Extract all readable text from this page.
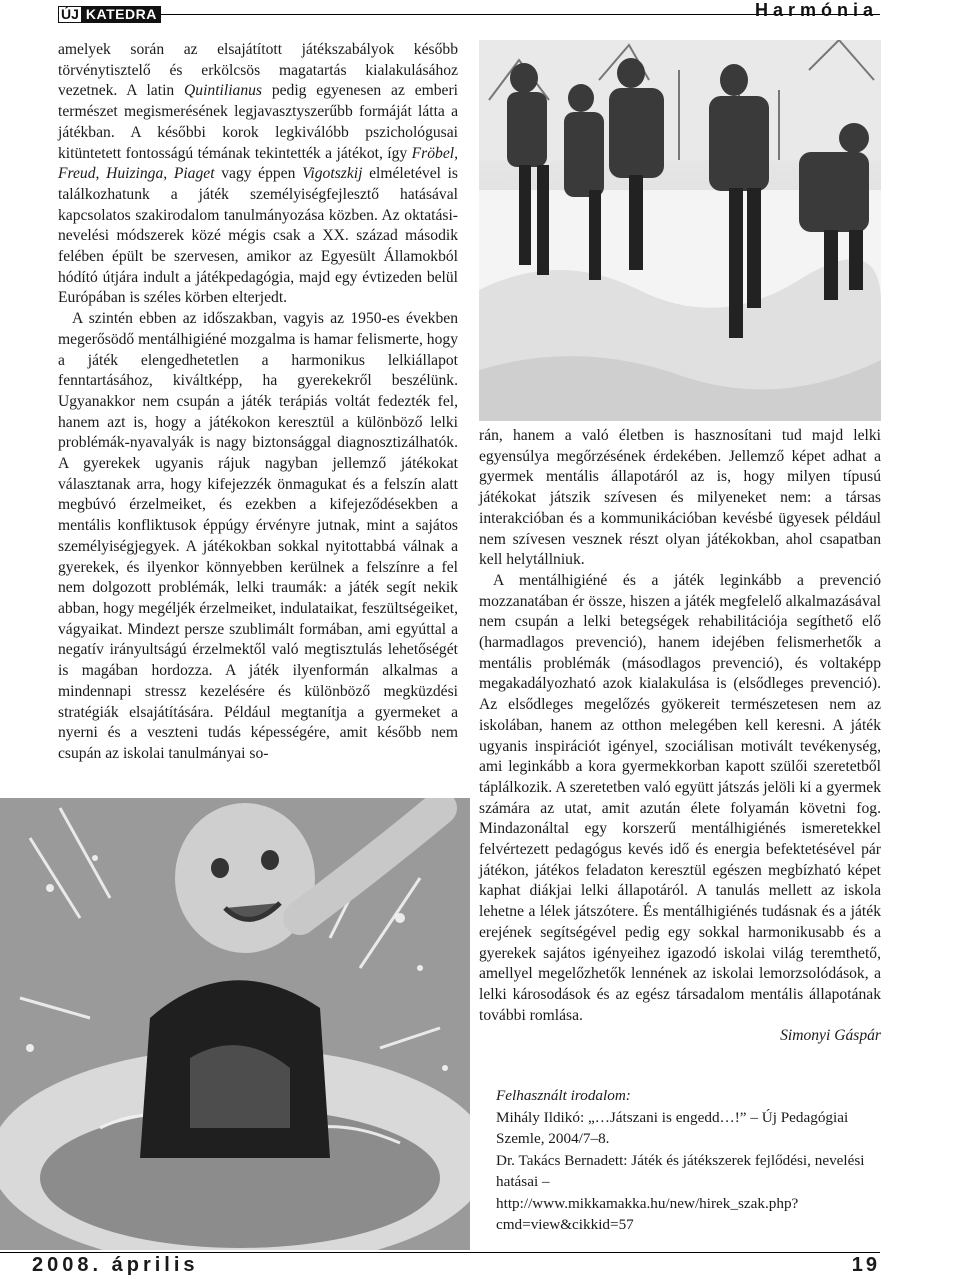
ÚJ KATEDRA	Harmónia

amelyek során az elsajátított játékszabályok később törvénytisztelő és erkölcsös magatartás kialakulásához vezetnek. A latin Quintilianus pedig egyenesen az emberi természet megismerésének legjavasztyszerűbb formáját látta a játékban. A későbbi korok legkiválóbb pszichológusai kitüntetett fontosságú témának tekintették a játékot, így Fröbel, Freud, Huizinga, Piaget vagy éppen Vigotszkij elméletével is találkozhatunk a játék személyiségfejlesztő hatásával kapcsolatos szakirodalom tanulmányozása közben. Az oktatási-nevelési módszerek közé mégis csak a XX. század második felében épült be szervesen, amikor az Egyesült Államokból hódító útjára indult a játékpedagógia, majd egy évtizeden belül Európában is széles körben elterjedt.

A szintén ebben az időszakban, vagyis az 1950-es években megerősödő mentálhigiéné mozgalma is hamar felismerte, hogy a játék elengedhetetlen a harmonikus lelkiállapot fenntartásához, kiváltképp, ha gyerekekről beszélünk. Ugyanakkor nem csupán a játék terápiás voltát fedezték fel, hanem azt is, hogy a játékokon keresztül a különböző lelki problémák-nyavalyák is nagy biztonsággal diagnosztizálhatók. A gyerekek ugyanis rájuk nagyban jellemző játékokat választanak arra, hogy kifejezzék önmagukat és a felszín alatt megbúvó érzelmeiket, és ezekben a kifejeződésekben a mentális konfliktusok éppúgy érvényre jutnak, mint a sajátos személyiségjegyek. A játékokban sokkal nyitottabbá válnak a gyerekek, és ilyenkor könnyebben kerülnek a felszínre a fel nem dolgozott problémák, lelki traumák: a játék segít nekik abban, hogy megéljék érzelmeiket, indulataikat, feszültségeiket, vágyaikat. Mindezt persze szublimált formában, ami egyúttal a negatív irányultságú érzelmektől való megtisztulás lehetőségét is magában hordozza. A játék ilyenformán alkalmas a mindennapi stressz kezelésére és különböző megküzdési stratégiák elsajátítására. Például megtanítja a gyermeket a nyerni és a veszteni tudás képességére, amit később nem csupán az iskolai tanulmányai so-

rán, hanem a való életben is hasznosítani tud majd lelki egyensúlya megőrzésének érdekében. Jellemző képet adhat a gyermek mentális állapotáról az is, hogy milyen típusú játékokat játszik szívesen és milyeneket nem: a társas interakcióban és a kommunikációban kevésbé ügyesek például nem szívesen vesznek részt olyan játékokban, ahol csapatban kell helytállniuk.

A mentálhigiéné és a játék leginkább a prevenció mozzanatában ér össze, hiszen a játék megfelelő alkalmazásával nem csupán a lelki betegségek rehabilitációja segíthető elő (harmadlagos prevenció), hanem idejében felismerhetők a mentális problémák (másodlagos prevenció), és voltaképp megakadályozható azok kialakulása is (elsődleges prevenció). Az elsődleges megelőzés gyökereit természetesen nem az iskolában, hanem az otthon melegében kell keresni. A játék ugyanis inspirációt igényel, szociálisan motivált tevékenység, ami leginkább a kora gyermekkorban kapott szülői szeretetből táplálkozik. A szeretetben való együtt játszás jelöli ki a gyermek számára az utat, amit azután élete folyamán követni fog. Mindazonáltal egy korszerű mentálhigiénés ismeretekkel felvértezett pedagógus kevés idő és energia befektetésével pár játékon, játékos feladaton keresztül egészen megbízható képet kaphat diákjai lelki állapotáról. A tanulás mellett az iskola lehetne a lélek játszótere. És mentálhigiénés tudásnak és a játék erejének segítségével pedig egy sokkal harmonikusabb és a gyerekek sajátos igényeihez igazodó iskolai világ teremthető, amellyel megelőzhetők lennének az iskolai lemorzsolódások, a lelki károsodások és az egész társadalom mentális állapotának további romlása.

Simonyi Gáspár

Felhasznált irodalom:

Mihály Ildikó: „…Játszani is engedd…!” – Új Pedagógiai Szemle, 2004/7–8.

Dr. Takács Bernadett: Játék és játékszerek fejlődési, nevelési hatásai –

http://www.mikkamakka.hu/new/hirek_szak.php?cmd=view&cikkid=57

2008. április	19
